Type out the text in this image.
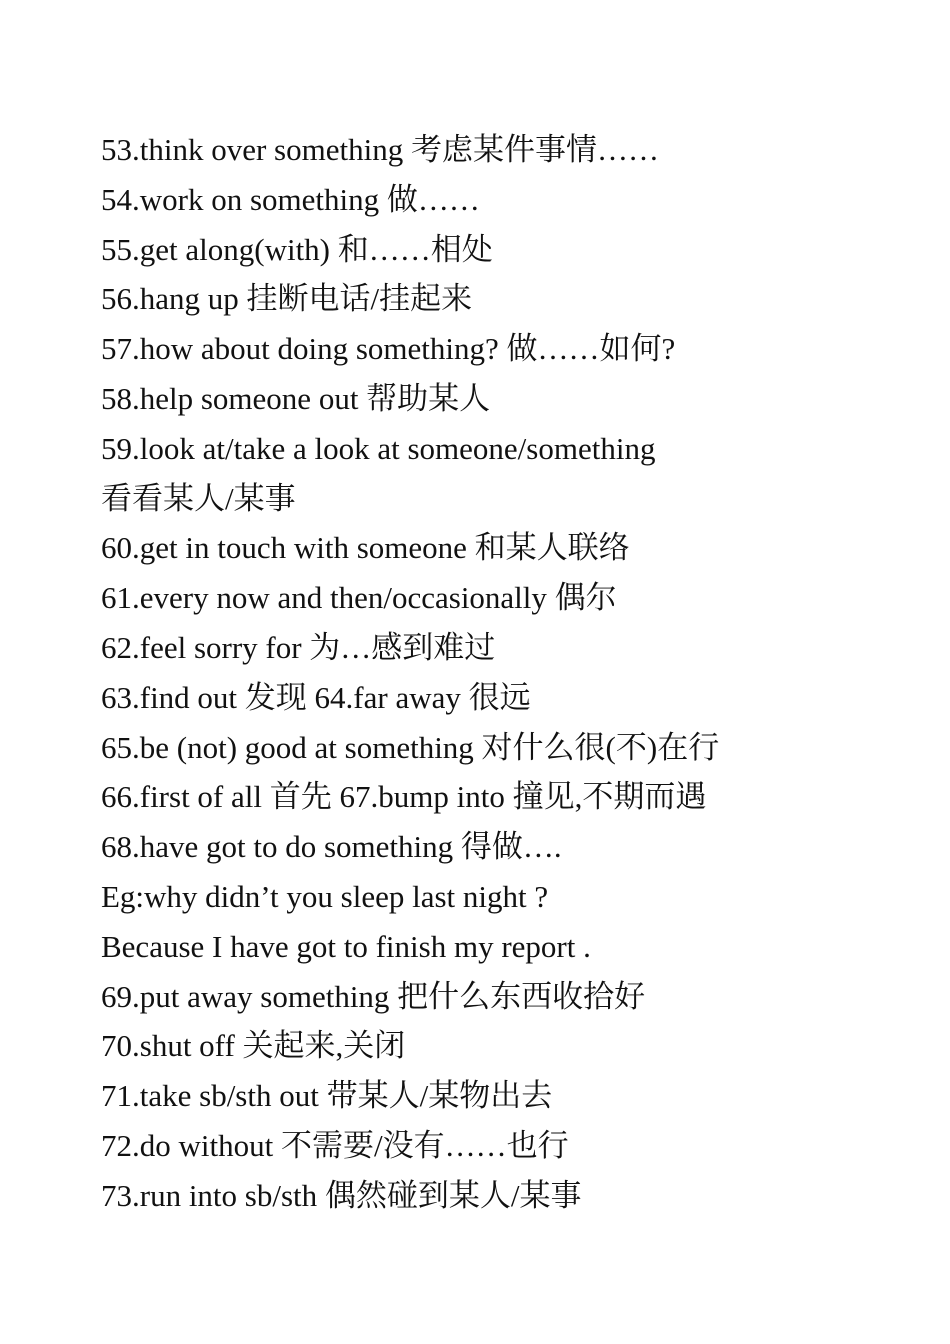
53.think over something 考虑某件事情……

54.work on something 做……

55.get along(with) 和……相处

56.hang up 挂断电话/挂起来

57.how about doing something? 做……如何?

58.help someone out 帮助某人

59.look at/take a look at someone/something

看看某人/某事

60.get in touch with someone 和某人联络

61.every now and then/occasionally 偶尔

62.feel sorry for 为…感到难过

63.find out 发现 64.far away 很远

65.be (not) good at something 对什么很(不)在行

66.first of all 首先 67.bump into 撞见,不期而遇

68.have got to do something 得做….

Eg:why didn’t you sleep last night ?

Because I have got to finish my report .

69.put away something 把什么东西收拾好

70.shut off 关起来,关闭

71.take sb/sth out 带某人/某物出去

72.do without 不需要/没有……也行

73.run into sb/sth 偶然碰到某人/某事
